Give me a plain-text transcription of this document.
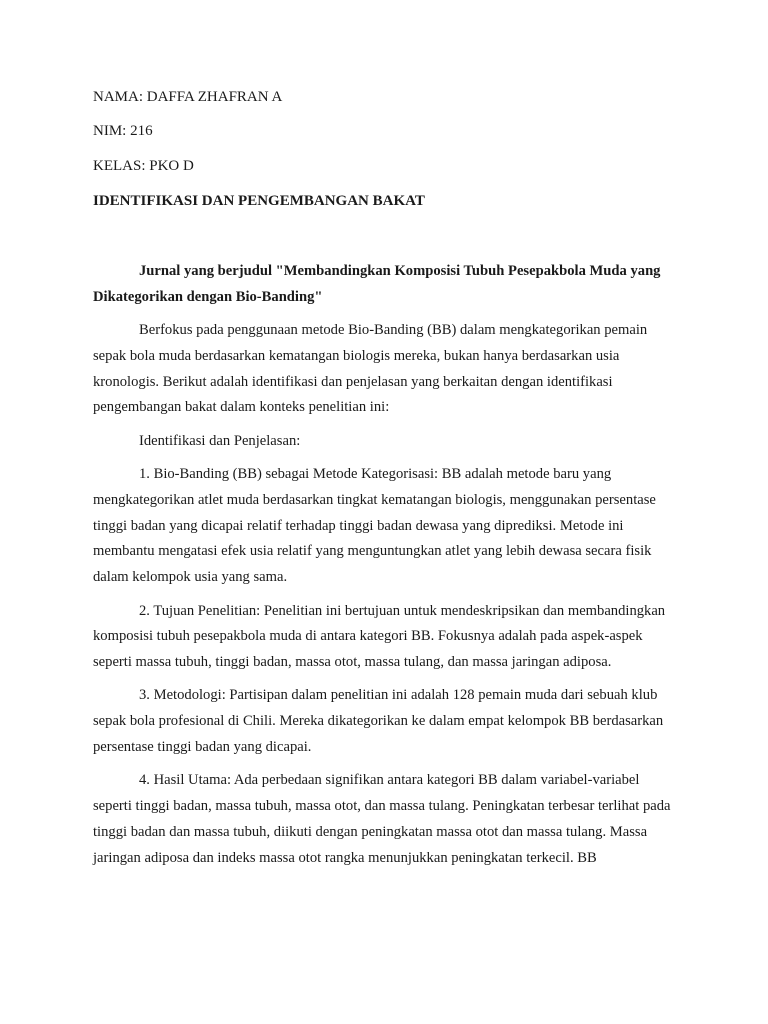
NAMA: DAFFA ZHAFRAN A
NIM: 216
KELAS: PKO D
IDENTIFIKASI DAN PENGEMBANGAN BAKAT

Jurnal yang berjudul "Membandingkan Komposisi Tubuh Pesepakbola Muda yang Dikategorikan dengan Bio-Banding"

Berfokus pada penggunaan metode Bio-Banding (BB) dalam mengkategorikan pemain sepak bola muda berdasarkan kematangan biologis mereka, bukan hanya berdasarkan usia kronologis. Berikut adalah identifikasi dan penjelasan yang berkaitan dengan identifikasi pengembangan bakat dalam konteks penelitian ini:

Identifikasi dan Penjelasan:

1. Bio-Banding (BB) sebagai Metode Kategorisasi: BB adalah metode baru yang mengkategorikan atlet muda berdasarkan tingkat kematangan biologis, menggunakan persentase tinggi badan yang dicapai relatif terhadap tinggi badan dewasa yang diprediksi. Metode ini membantu mengatasi efek usia relatif yang menguntungkan atlet yang lebih dewasa secara fisik dalam kelompok usia yang sama.

2. Tujuan Penelitian: Penelitian ini bertujuan untuk mendeskripsikan dan membandingkan komposisi tubuh pesepakbola muda di antara kategori BB. Fokusnya adalah pada aspek-aspek seperti massa tubuh, tinggi badan, massa otot, massa tulang, dan massa jaringan adiposa.

3. Metodologi: Partisipan dalam penelitian ini adalah 128 pemain muda dari sebuah klub sepak bola profesional di Chili. Mereka dikategorikan ke dalam empat kelompok BB berdasarkan persentase tinggi badan yang dicapai.

4. Hasil Utama: Ada perbedaan signifikan antara kategori BB dalam variabel-variabel seperti tinggi badan, massa tubuh, massa otot, dan massa tulang. Peningkatan terbesar terlihat pada tinggi badan dan massa tubuh, diikuti dengan peningkatan massa otot dan massa tulang. Massa jaringan adiposa dan indeks massa otot rangka menunjukkan peningkatan terkecil. BB
